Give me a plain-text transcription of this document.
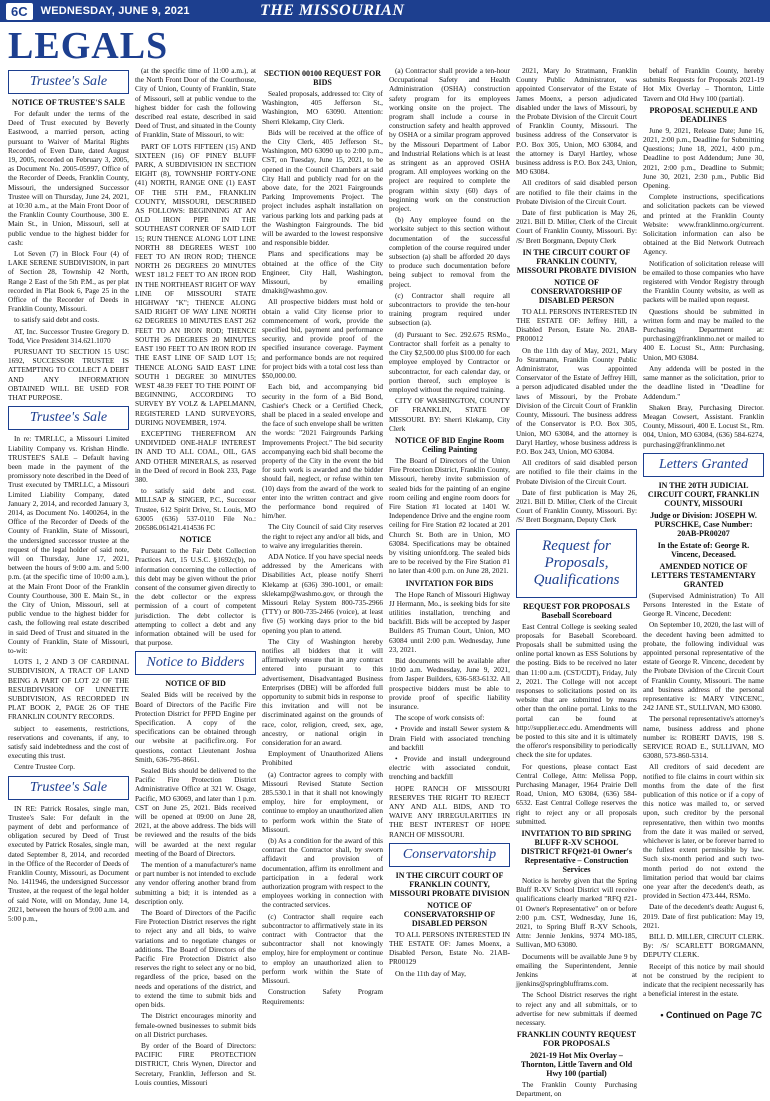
6C	WEDNESDAY, JUNE 9, 2021	THE MISSOURIAN
LEGALS
Trustee's Sale
NOTICE OF TRUSTEE'S SALE

For default under the terms of the Deed of Trust executed by Beverly Eastwood, a married person, acting pursuant to Waiver of Marital Rights Recorded of Even Date, dated August 19, 2005, recorded on February 3, 2005, as Document No. 2005-05997, Office of the Recorder of Deeds, Franklin County, Missouri, the undersigned Successor Trustee will on Thursday, June 24, 2021, at 10:30 a.m., at the Main Front Door of the Franklin County Courthouse, 300 E. Main St., in Union, Missouri, sell at public vendue to the highest bidder for cash:

Lot Seven (7) in Block Four (4) of LAKE SERENE SUBDIVISION, in part of Section 28, Township 42 North, Range 2 East of the 5th P.M., as per plat recorded in Plat Book 6, Page 25 in the Office of the Recorder of Deeds in Franklin County, Missouri.

to satisfy said debt and costs.

AT, Inc. Successor Trustee Gregory D. Todd, Vice President 314.621.1070

PURSUANT TO SECTION 15 USC 1692, SUCCESSOR TRUSTEE IS ATTEMPTING TO COLLECT A DEBT AND ANY INFORMATION OBTAINED WILL BE USED FOR THAT PURPOSE.

Trustee's Sale

In re: TMRLLC, a Missouri Limited Liability Company vs. Krishan Hindle. TRUSTEE'S SALE – Default having been made in the payment of the promissory note described in the Deed of Trust executed by TMRLLC, a Missouri Limited Liability Company, dated January 2, 2014, and recorded January 3, 2014, as Document No. 1400264, in the Office of the Recorder of Deeds of the County of Franklin, State of Missouri, the undersigned successor trustee at the request of the legal holder of said note, will on Thursday, June 17, 2021, between the hours of 9:00 a.m. and 5:00 p.m. (at the specific time of 10:00 a.m.), at the Main Front Door of the Franklin County Courthouse, 300 E. Main St., in the City of Union, Missouri, sell at public vendue to the highest bidder for cash, the following real estate described in said Deed of Trust and situated in the County of Franklin, State of Missouri, to-wit:

LOTS 1, 2 AND 3 OF CARDINAL SUBDIVISION, A TRACT OF LAND BEING A PART OF LOT 22 OF THE RESUBDIVISION OF UNNETTE SUBDIVISION, AS RECORDED IN PLAT BOOK 2, PAGE 26 OF THE FRANKLIN COUNTY RECORDS.

subject to easements, restrictions, reservations and covenants, if any, to satisfy said indebtedness and the cost of executing this trust.

Centre Trustee Corp.

Trustee's Sale

IN RE: Patrick Rosales, single man, Trustee's Sale: For default in the payment of debt and performance of obligation secured by Deed of Trust executed by Patrick Rosales, single man, dated September 8, 2014, and recorded in the Office of the Recorder of Deeds of Franklin County, Missouri, as Document No. 1411946, the undersigned Successor Trustee, at the request of the legal holder of said Note, will on Monday, June 14, 2021, between the hours of 9:00 a.m. and 5:00 p.m.,

(at the specific time of 11:00 a.m.), at the North Front Door of the Courthouse, City of Union, County of Franklin, State of Missouri, sell at public vendue to the highest bidder for cash the following described real estate, described in said Deed of Trust, and situated in the County of Franklin, State of Missouri, to wit:

PART OF LOTS FIFTEEN (15) AND SIXTEEN (16) OF PINEY BLUFF PARK, A SUBDIVISION IN SECTION EIGHT (8), TOWNSHIP FORTY-ONE (41) NORTH, RANGE ONE (1) EAST OF THE 5TH P.M., FRANKLIN COUNTY, MISSOURI, DESCRIBED AS FOLLOWS: BEGINNING AT AN OLD IRON PIPE IN THE SOUTHEAST CORNER OF SAID LOT 15; RUN THENCE ALONG LOT LINE NORTH 88 DEGREES WEST 100 FEET TO AN IRON ROD; THENCE NORTH 26 DEGREES 20 MINUTES WEST 181.2 FEET TO AN IRON ROD IN THE NORTHEAST RIGHT OF WAY LINE OF MISSOURI STATE HIGHWAY "K"; THENCE ALONG SAID RIGHT OF WAY LINE NORTH 62 DEGREES 10 MINUTES EAST 262 FEET TO AN IRON ROD; THENCE SOUTH 26 DEGREES 20 MINUTES EAST 190 FEET TO AN IRON ROD IN THE EAST LINE OF SAID LOT 15; THENCE ALONG SAID EAST LINE SOUTH 1 DEGREE 30 MINUTES WEST 48.39 FEET TO THE POINT OF BEGINNING, ACCORDING TO SURVEY BY VOLZ & LAPELMANN, REGISTERED LAND SURVEYORS, DURING NOVEMBER, 1974.

EXCEPTING THEREFROM AN UNDIVIDED ONE-HALF INTEREST IN AND TO ALL COAL, OIL, GAS AND OTHER MINERALS, as reserved in the Deed of record in Book 233, Page 380.

to satisfy said debt and cost. MILLSAP & SINGER, P.C., Successor Trustee, 612 Spirit Drive, St. Louis, MO 63005 (636) 537-0110 File No.: 206586.061421.414536 FC

NOTICE

Pursuant to the Fair Debt Collection Practices Act, 15 U.S.C. §1692c(b), no information concerning the collection of this debt may be given without the prior consent of the consumer given directly to the debt collector or the express permission of a court of competent jurisdiction. The debt collector is attempting to collect a debt and any information obtained will be used for that purpose.

Notice to Bidders
NOTICE OF BID

Sealed Bids will be received by the Board of Directors of the Pacific Fire Protection District for PFPD Engine per Specification. A copy of the specifications can be obtained through our website at pacificfire.org. For questions, contact Lieutenant Joshua Smith, 636-795-8661.

Sealed Bids should be delivered to the Pacific Fire Protection District Administrative Office at 321 W. Osage, Pacific, MO 63069, and later than 1 p.m. CST on June 25, 2021. Bids received will be opened at 09:00 on June 28, 2021, at the above address. The bids will be reviewed and the results of the bids will be awarded at the next regular meeting of the Board of Directors.

The mention of a manufacturer's name or part number is not intended to exclude any vendor offering another brand from submitting a bid; it is intended as a description only.

The Board of Directors of the Pacific Fire Protection District reserves the right to reject any and all bids, to waive variations and to negotiate changes or additions. The Board of Directors of the Pacific Fire Protection District also reserves the right to select any or no bid, regardless of the price, based on the needs and operations of the district, and to extend the time to submit bids and open bids.

The District encourages minority and female-owned businesses to submit bids on all District purchases.

By order of the Board of Directors: PACIFIC FIRE PROTECTION DISTRICT, Chris Wynen, Director and Secretary, Franklin, Jefferson and St. Louis counties, Missouri

SECTION 00100 REQUEST FOR BIDS

Sealed proposals, addressed to: City of Washington, 405 Jefferson St., Washington, MO 63090. Attention: Sherri Klekamp, City Clerk.

Bids will be received at the office of the City Clerk, 405 Jefferson St., Washington, MO 63090 up to 2:00 p.m., CST, on Tuesday, June 15, 2021, to be opened in the Council Chambers at said City Hall and publicly read for on the above date, for the 2021 Fairgrounds Parking Improvements Project. The project includes asphalt installation on various parking lots and parking pads at the Washington Fairgrounds. The bid will be awarded to the lowest responsive and responsible bidder.

Plans and specifications may be obtained at the office of the City Engineer, City Hall, Washington, Missouri, by emailing dmakit@washmo.gov.

All prospective bidders must hold or obtain a valid City license prior to commencement of work, provide the specified bid, payment and performance security, and provide proof of the specified insurance coverage. Payment and performance bonds are not required for project bids with a total cost less than $50,000.00.

Each bid, and accompanying bid security in the form of a Bid Bond, Cashier's Check or a Certified Check, shall be placed in a sealed envelope and the face of such envelope shall be written the words: "2021 Fairgrounds Parking Improvements Project." The bid security accompanying each bid shall become the property of the City in the event the bid for such work is awarded and the bidder should fail, neglect, or refuse within ten (10) days from the award of the work to enter into the written contract and give the performance bond required of him/her.

The City Council of said City reserves the right to reject any and/or all bids, and to waive any irregularities therein.

ADA Notice. If you have special needs addressed by the Americans with Disabilities Act, please notify Sherri Klekamp at (636) 390-1001, or email: sklekamp@washmo.gov, or through the Missouri Relay System 800-735-2966 (TTY) or 800-735-2466 (voice), at least five (5) working days prior to the bid opening you plan to attend.

The City of Washington hereby notifies all bidders that it will affirmatively ensure that in any contract entered into pursuant to this advertisement, Disadvantaged Business Enterprises (DBE) will be afforded full opportunity to submit bids in response to this invitation and will not be discriminated against on the grounds of race, color, religion, creed, sex, age, ancestry, or national origin in consideration for an award.

Employment of Unauthorized Aliens Prohibited

(a) Contractor agrees to comply with Missouri Revised Statute Section 285.530.1 in that it shall not knowingly employ, hire for employment, or continue to employ an unauthorized alien to perform work within the State of Missouri.

(b) As a condition for the award of this contract the Contractor shall, by sworn affidavit and provision of documentation, affirm its enrollment and participation in a federal work authorization program with respect to the employees working in connection with the contracted services.

(c) Contractor shall require each subcontractor to affirmatively state in its contract with Contractor that the subcontractor shall not knowingly employ, hire for employment or continue to employ an unauthorized alien to perform work within the State of Missouri.

Construction Safety Program Requirements:

(a) Contractor shall provide a ten-hour Occupational Safety and Health Administration (OSHA) construction safety program for its employees working onsite on the project. The program shall include a course in construction safety and health approved by OSHA or a similar program approved by the Missouri Department of Labor and Industrial Relations which is at least as stringent as an approved OSHA program. All employees working on the project are required to complete the program within sixty (60) days of beginning work on the construction project.

(b) Any employee found on the worksite subject to this section without documentation of the successful completion of the course required under subsection (a) shall be afforded 20 days to produce such documentation before being subject to removal from the project.

(c) Contractor shall require all subcontractors to provide the ten-hour training program required under subsection (a).

(d) Pursuant to Sec. 292.675 RSMo., Contractor shall forfeit as a penalty to the City $2,500.00 plus $100.00 for each employee employed by Contractor or subcontractor, for each calendar day, or portion thereof, such employee is employed without the required training.

CITY OF WASHINGTON, COUNTY OF FRANKLIN, STATE OF MISSOURI. BY: Sherri Klekamp, City Clerk

NOTICE OF BID Engine Room Ceiling Painting

The Board of Directors of the Union Fire Protection District, Franklin County, Missouri, hereby invite submission of sealed bids for the painting of an engine room ceiling and engine room doors for Fire Station #1 located at 1401 W. Independence Drive and the engine room ceiling for Fire Station #2 located at 201 Church St. Both are in Union, MO 63084. Specifications may be obtained by visiting unionfd.org. The sealed bids are to be received by the Fire Station #1 no later than 4:00 p.m. on June 28, 2021.

INVITATION FOR BIDS

The Hope Ranch of Missouri Highway JJ Hermann, Mo., is seeking bids for site utilities installation, trenching and backfill. Bids will be accepted by Jasper Builders #5 Truman Court, Union, MO 63084 until 2:00 p.m. Wednesday, June 23, 2021.

Bid documents will be available after 10:00 a.m. Wednesday, June 9, 2021, from Jasper Builders, 636-583-6132. All prospective bidders must be able to provide proof of specific liability insurance.

The scope of work consists of:

• Provide and install Sewer system & Drain Field with associated trenching and backfill

• Provide and install underground electric with associated conduit, trenching and backfill

HOPE RANCH OF MISSOURI RESERVES THE RIGHT TO REJECT ANY AND ALL BIDS, AND TO WAIVE ANY IRREGULARITIES IN THE BEST INTEREST OF HOPE RANCH OF MISSOURI.

Conservatorship
IN THE CIRCUIT COURT OF FRANKLIN COUNTY, MISSOURI PROBATE DIVISION
NOTICE OF CONSERVATORSHIP OF DISABLED PERSON

TO ALL PERSONS INTERESTED IN THE ESTATE OF: James Moenx, a Disabled Person, Estate No. 21AB-PR00129

On the 11th day of May,

2021, Mary Jo Stratmann, Franklin County Public Administrator, was appointed Conservator of the Estate of James Moenx, a person adjudicated disabled under the laws of Missouri, by the Probate Division of the Circuit Court of Franklin County, Missouri. The business address of the Conservator is P.O. Box 305, Union, MO 63084, and the attorney is Daryl Hartley, whose business address is P.O. Box 243, Union, MO 63084.

All creditors of said disabled person are notified to file their claims in the Probate Division of the Circuit Court.

Date of first publication is May 26, 2021. Bill D. Miller, Clerk of the Circuit Court of Franklin County, Missouri. By: /S/ Brett Borgmann, Deputy Clerk

IN THE CIRCUIT COURT OF FRANKLIN COUNTY, MISSOURI PROBATE DIVISION
NOTICE OF CONSERVATORSHIP OF DISABLED PERSON

TO ALL PERSONS INTERESTED IN THE ESTATE OF: Jeffrey Hill, a Disabled Person, Estate No. 20AB-PR00012

On the 11th day of May, 2021, Mary Jo Stratmann, Franklin County Public Administrator, was appointed Conservator of the Estate of Jeffrey Hill, a person adjudicated disabled under the laws of Missouri, by the Probate Division of the Circuit Court of Franklin County, Missouri. The business address of the Conservator is P.O. Box 305, Union, MO 63084, and the attorney is Daryl Hartley, whose business address is P.O. Box 243, Union, MO 63084.

All creditors of said disabled person are notified to file their claims in the Probate Division of the Circuit Court.

Date of first publication is May 26, 2021. Bill D. Miller, Clerk of the Circuit Court of Franklin County, Missouri. By: /S/ Brett Borgmann, Deputy Clerk

Request for Proposals, Qualifications
REQUEST FOR PROPOSALS Baseball Scoreboard

East Central College is seeking sealed proposals for Baseball Scoreboard. Proposals shall be submitted using the online portal known as ESS Solutions by the posting. Bids to be received no later than 11:00 a.m. (CST/CDT), Friday, July 2, 2021. The College will not accept responses to solicitations posted on its website that are submitted by means other than the online portal. Links to the portal can be found at http://supplier.ecc.edu. Amendments will be posted to this site and it is ultimately the offeror's responsibility to periodically check the site for updates.

For questions, please contact East Central College, Attn: Melissa Popp, Purchasing Manager, 1964 Prairie Dell Road, Union, MO 63084, (636) 584-6532. East Central College reserves the right to reject any or all proposals submitted.

INVITATION TO BID SPRING BLUFF R-XV SCHOOL DISTRICT RFQ#21-01 Owner's Representative – Construction Services

Notice is hereby given that the Spring Bluff R-XV School District will receive qualifications clearly marked "RFQ #21-01 Owner's Representative" on or before 2:00 p.m. CST, Wednesday, June 16, 2021, to Spring Bluff R-XV Schools, Attn: Jennie Jenkins, 9374 MO-185, Sullivan, MO 63080.

Documents will be available June 9 by emailing the Superintendent, Jennie Jenkins at jjenkins@springblufframs.com.

The School District reserves the right to reject any and all submittals, or to advertise for new submittals if deemed necessary.

FRANKLIN COUNTY REQUEST FOR PROPOSALS
2021-19 Hot Mix Overlay – Thornton, Little Tavern and Old Hwy 100 (partial)

The Franklin County Purchasing Department, on

behalf of Franklin County, hereby submits Requests for Proposals 2021-19 Hot Mix Overlay – Thornton, Little Tavern and Old Hwy 100 (partial).

PROPOSAL SCHEDULE AND DEADLINES

June 9, 2021, Release Date; June 16, 2021, 2:00 p.m., Deadline for Submitting Questions; June 18, 2021, 4:00 p.m., Deadline to post Addendum; June 30, 2021, 2:00 p.m., Deadline to Submit; June 30, 2021, 2:30 p.m., Public Bid Opening.

Complete instructions, specifications and solicitation packets can be viewed and printed at the Franklin County Website: www.franklinmo.org/current. Solicitation information can also be obtained at the Bid Network Outreach Agency.

Notification of solicitation release will be emailed to those companies who have registered with Vendor Registry through the Franklin County website, as well as packets will be mailed upon request.

Questions should be submitted in written form and may be mailed to the Purchasing Department at: purchasing@franklinmo.net or mailed to 400 E. Locust St., Attn: Purchasing, Union, MO 63084.

Any addenda will be posted in the same manner as the solicitation, prior to the deadline listed in "Deadline for Addendum."

Shaken Bray, Purchasing Director. Meagan Cowsert, Assistant. Franklin County, Missouri, 400 E. Locust St., Rm. 004, Union, MO 63084, (636) 584-6274, purchasing@franklinmo.net

Letters Granted
IN THE 20TH JUDICIAL CIRCUIT COURT, FRANKLIN COUNTY, MISSOURI
Judge or Division: JOSEPH W. PURSCHKE, Case Number: 20AB-PR00207
In the Estate of: George R. Vincenc, Deceased.
AMENDED NOTICE OF LETTERS TESTAMENTARY GRANTED

(Supervised Administration) To All Persons Interested in the Estate of George R. Vincenc, Decedent:

On September 10, 2020, the last will of the decedent having been admitted to probate, the following individual was appointed personal representative of the estate of George R. Vincenc, decedent by the Probate Division of the Circuit Court of Franklin County, Missouri. The name and business address of the personal representative is: MARY VINCENC, 242 JANE ST., SULLIVAN, MO 63080.

The personal representative's attorney's name, business address and phone number is: ROBERT DAVIS, 198 S. SERVICE ROAD E., SULLIVAN, MO 63080, 573-860-5314.

All creditors of said decedent are notified to file claims in court within six months from the date of the first publication of this notice or if a copy of this notice was mailed to, or served upon, such creditor by the personal representative, then within two months from the date it was mailed or served, whichever is later, or be forever barred to the fullest extent permissible by law. Such six-month period and such two-month period do not extend the limitation period that would bar claims one year after the decedent's death, as provided in Section 473.444, RSMo.

Date of the decedent's death: August 6, 2019. Date of first publication: May 19, 2021.

BILL D. MILLER, CIRCUIT CLERK. By: /S/ SCARLETT BORGMANN, DEPUTY CLERK.

Receipt of this notice by mail should not be construed by the recipient to indicate that the recipient necessarily has a beneficial interest in the estate.

• Continued on Page 7C
